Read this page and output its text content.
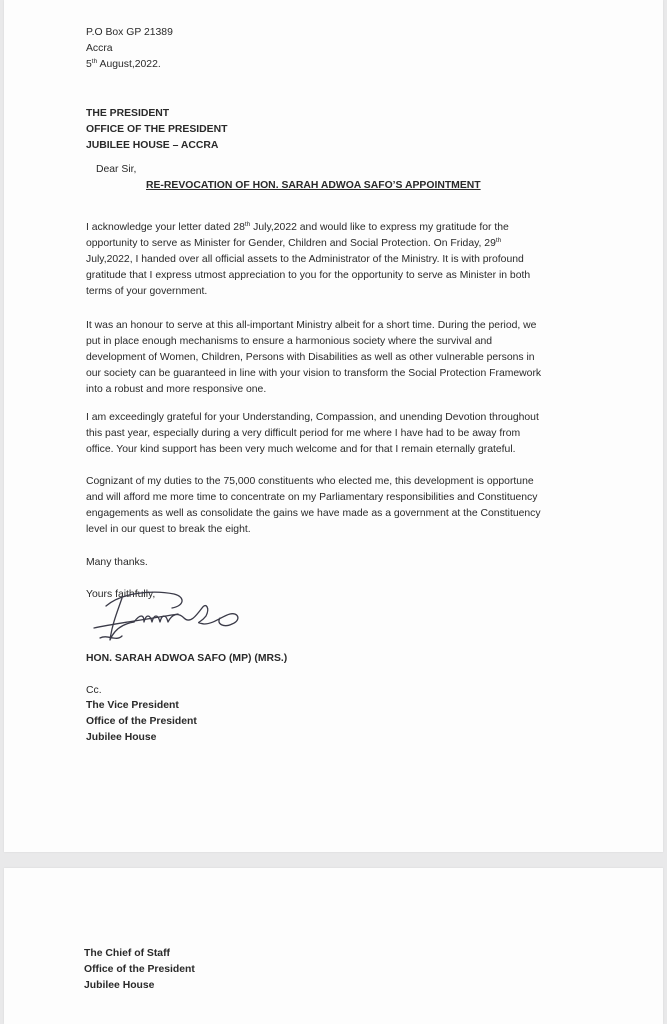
P.O Box GP 21389
Accra
5th August,2022.
THE PRESIDENT
OFFICE OF THE PRESIDENT
JUBILEE HOUSE – ACCRA
Dear Sir,
RE-REVOCATION OF HON. SARAH ADWOA SAFO’S APPOINTMENT

I acknowledge your letter dated 28th July,2022 and would like to express my gratitude for the

opportunity to serve as Minister for Gender, Children and Social Protection. On Friday, 29th

July,2022, I handed over all official assets to the Administrator of the Ministry. It is with profound

gratitude that I express utmost appreciation to you for the opportunity to serve as Minister in both

terms of your government.

It was an honour to serve at this all-important Ministry albeit for a short time. During the period, we

put in place enough mechanisms to ensure a harmonious society where the survival and

development of Women, Children, Persons with Disabilities as well as other vulnerable persons in

our society can be guaranteed in line with your vision to transform the Social Protection Framework

into a robust and more responsive one.

I am exceedingly grateful for your Understanding, Compassion, and unending Devotion throughout

this past year, especially during a very difficult period for me where I have had to be away from

office. Your kind support has been very much welcome and for that I remain eternally grateful.

Cognizant of my duties to the 75,000 constituents who elected me, this development is opportune

and will afford me more time to concentrate on my Parliamentary responsibilities and Constituency

engagements as well as consolidate the gains we have made as a government at the Constituency

level in our quest to break the eight.

Many thanks.
Yours faithfully,
HON. SARAH ADWOA SAFO (MP) (MRS.)
Cc.
The Vice President
Office of the President
Jubilee House
The Chief of Staff
Office of the President
Jubilee House
